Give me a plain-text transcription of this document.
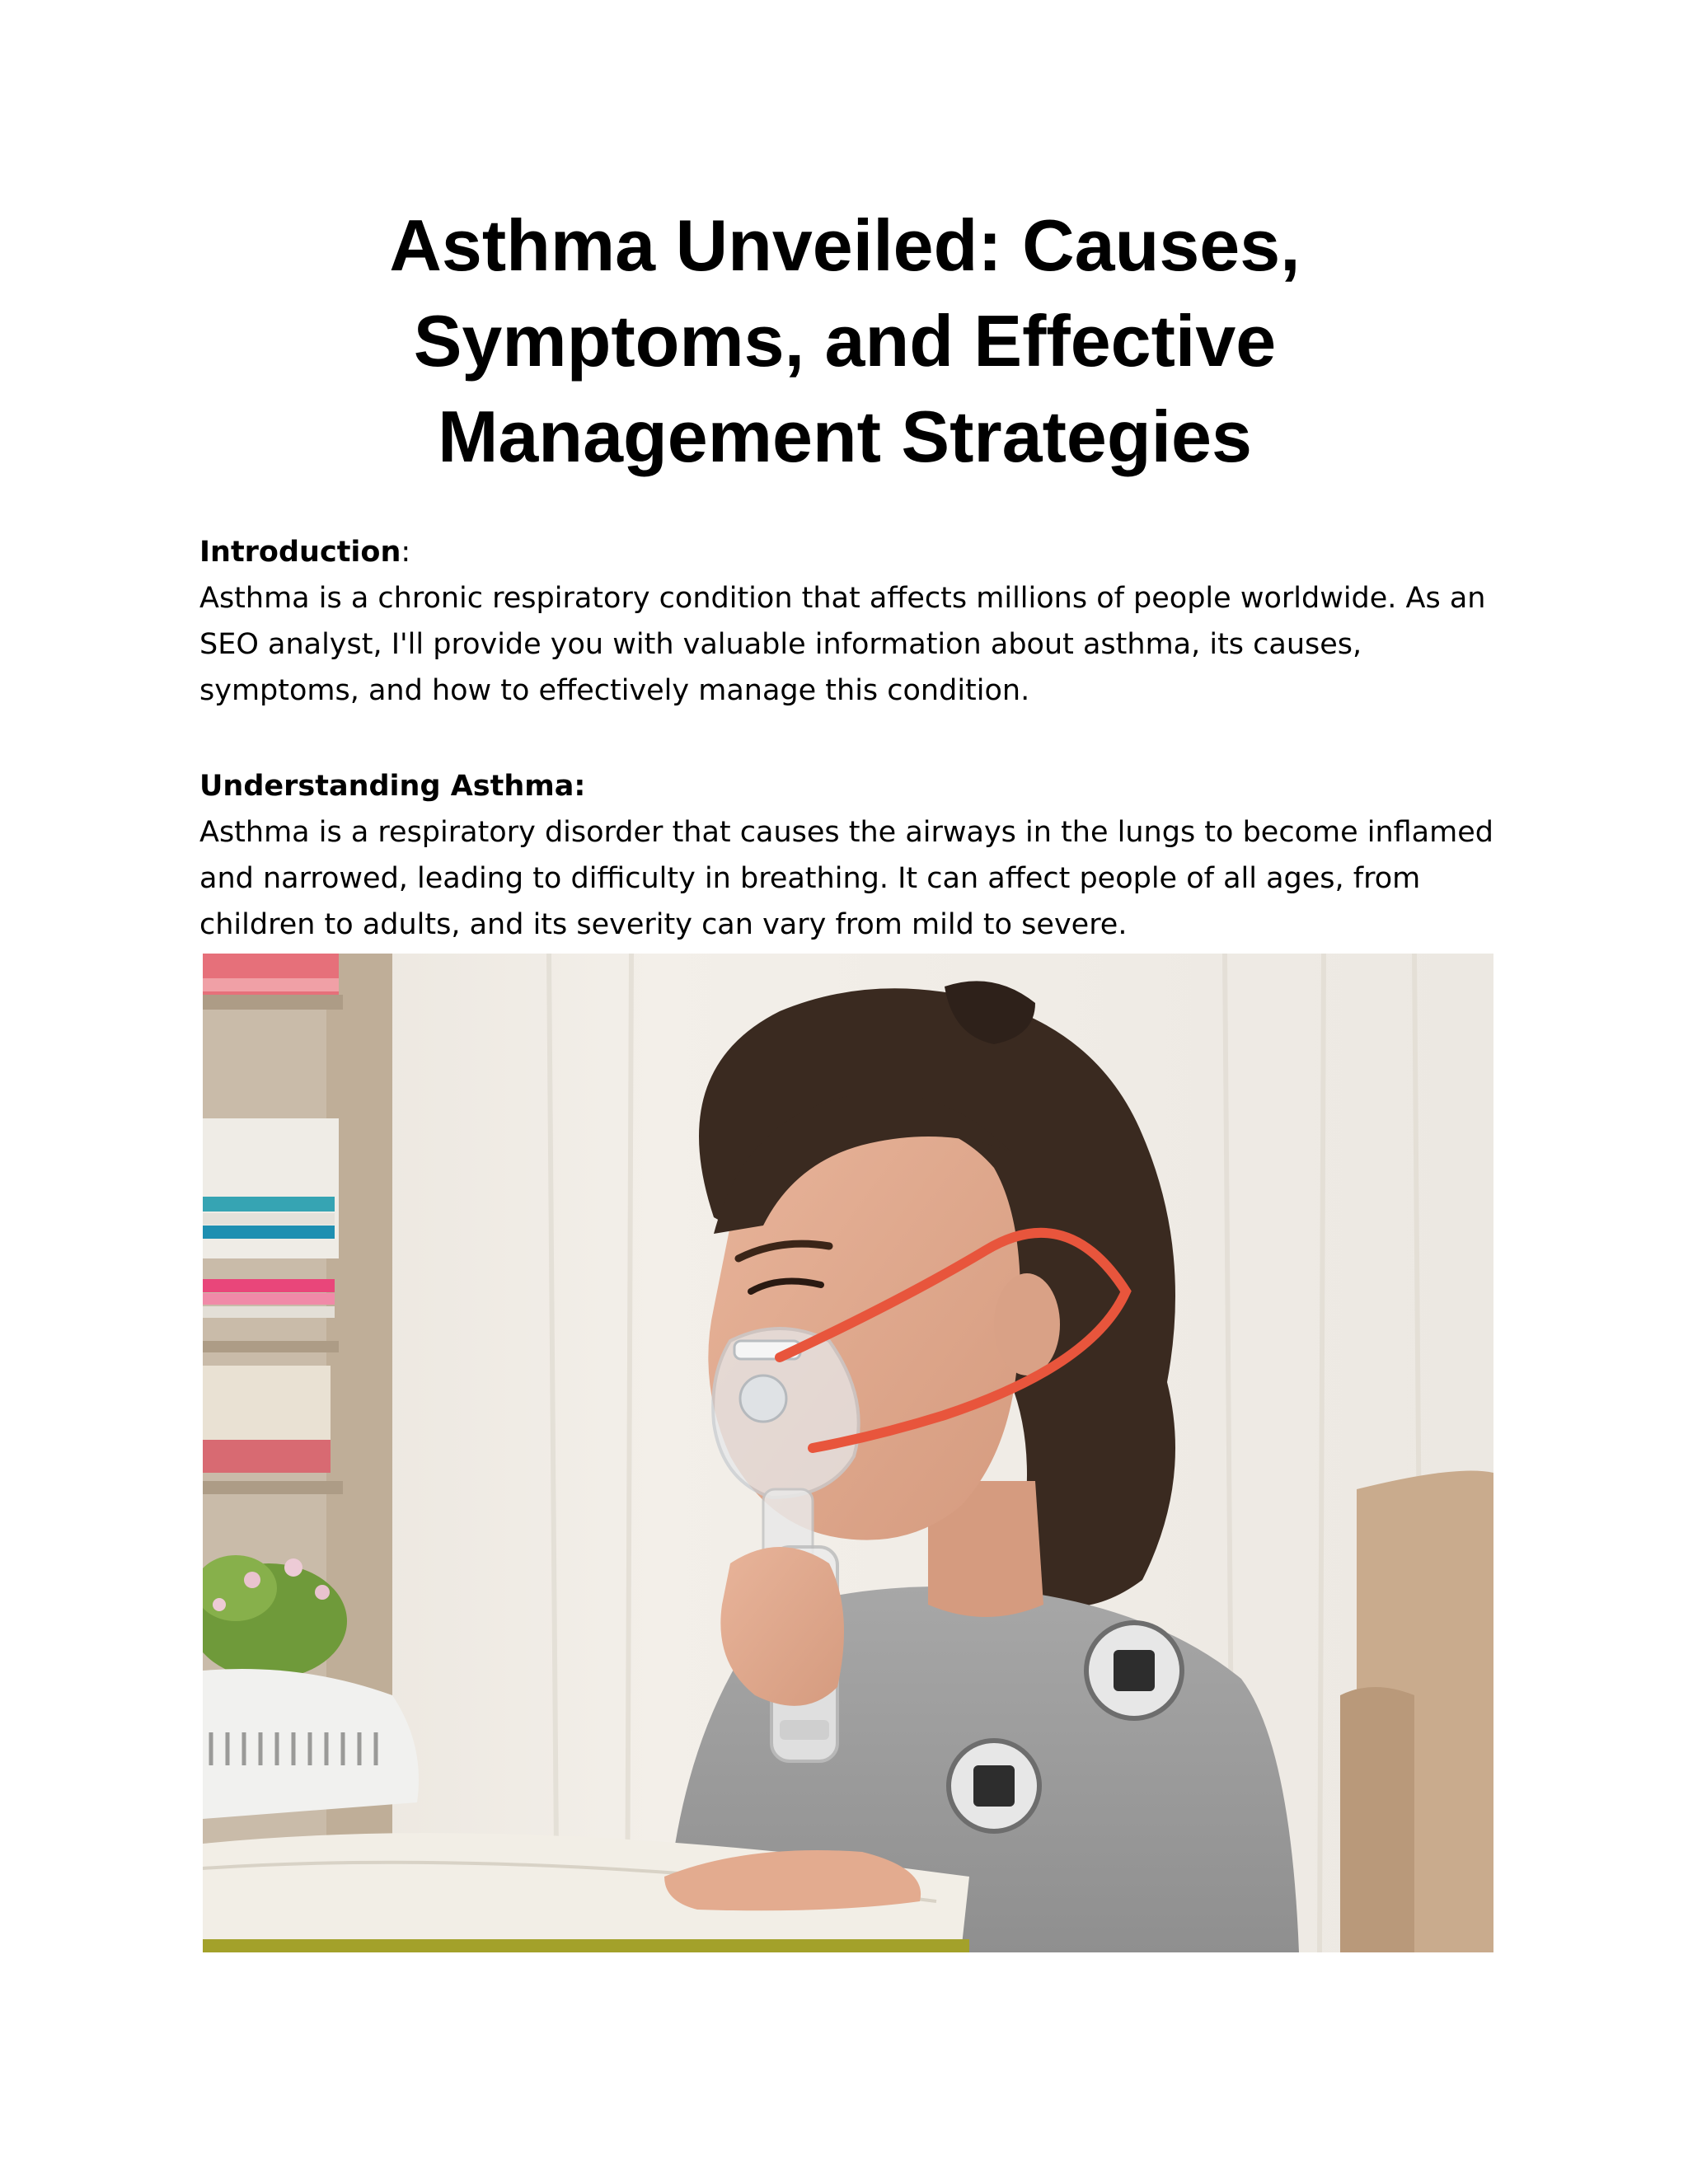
Asthma Unveiled: Causes, Symptoms, and Effective Management Strategies

Introduction:

Asthma is a chronic respiratory condition that affects millions of people worldwide. As an SEO analyst, I'll provide you with valuable information about asthma, its causes, symptoms, and how to effectively manage this condition.

Understanding Asthma:

Asthma is a respiratory disorder that causes the airways in the lungs to become inflamed and narrowed, leading to difficulty in breathing. It can affect people of all ages, from children to adults, and its severity can vary from mild to severe.
